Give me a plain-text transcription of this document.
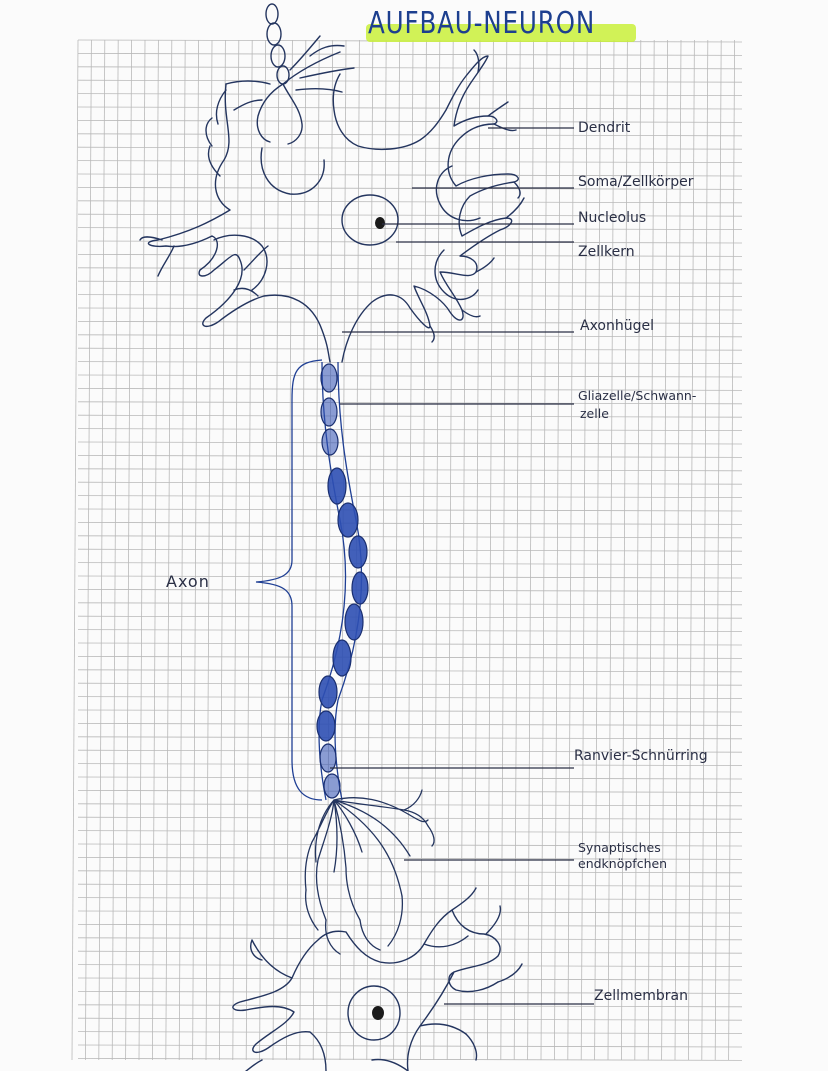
AUFBAU-NEURON
Dendrit
Soma/Zellkörper
Nucleolus
Zellkern
Axonhügel
Gliazelle/Schwann-
zelle
Axon
Ranvier-Schnürring
Synaptisches
endknöpfchen
Zellmembran
